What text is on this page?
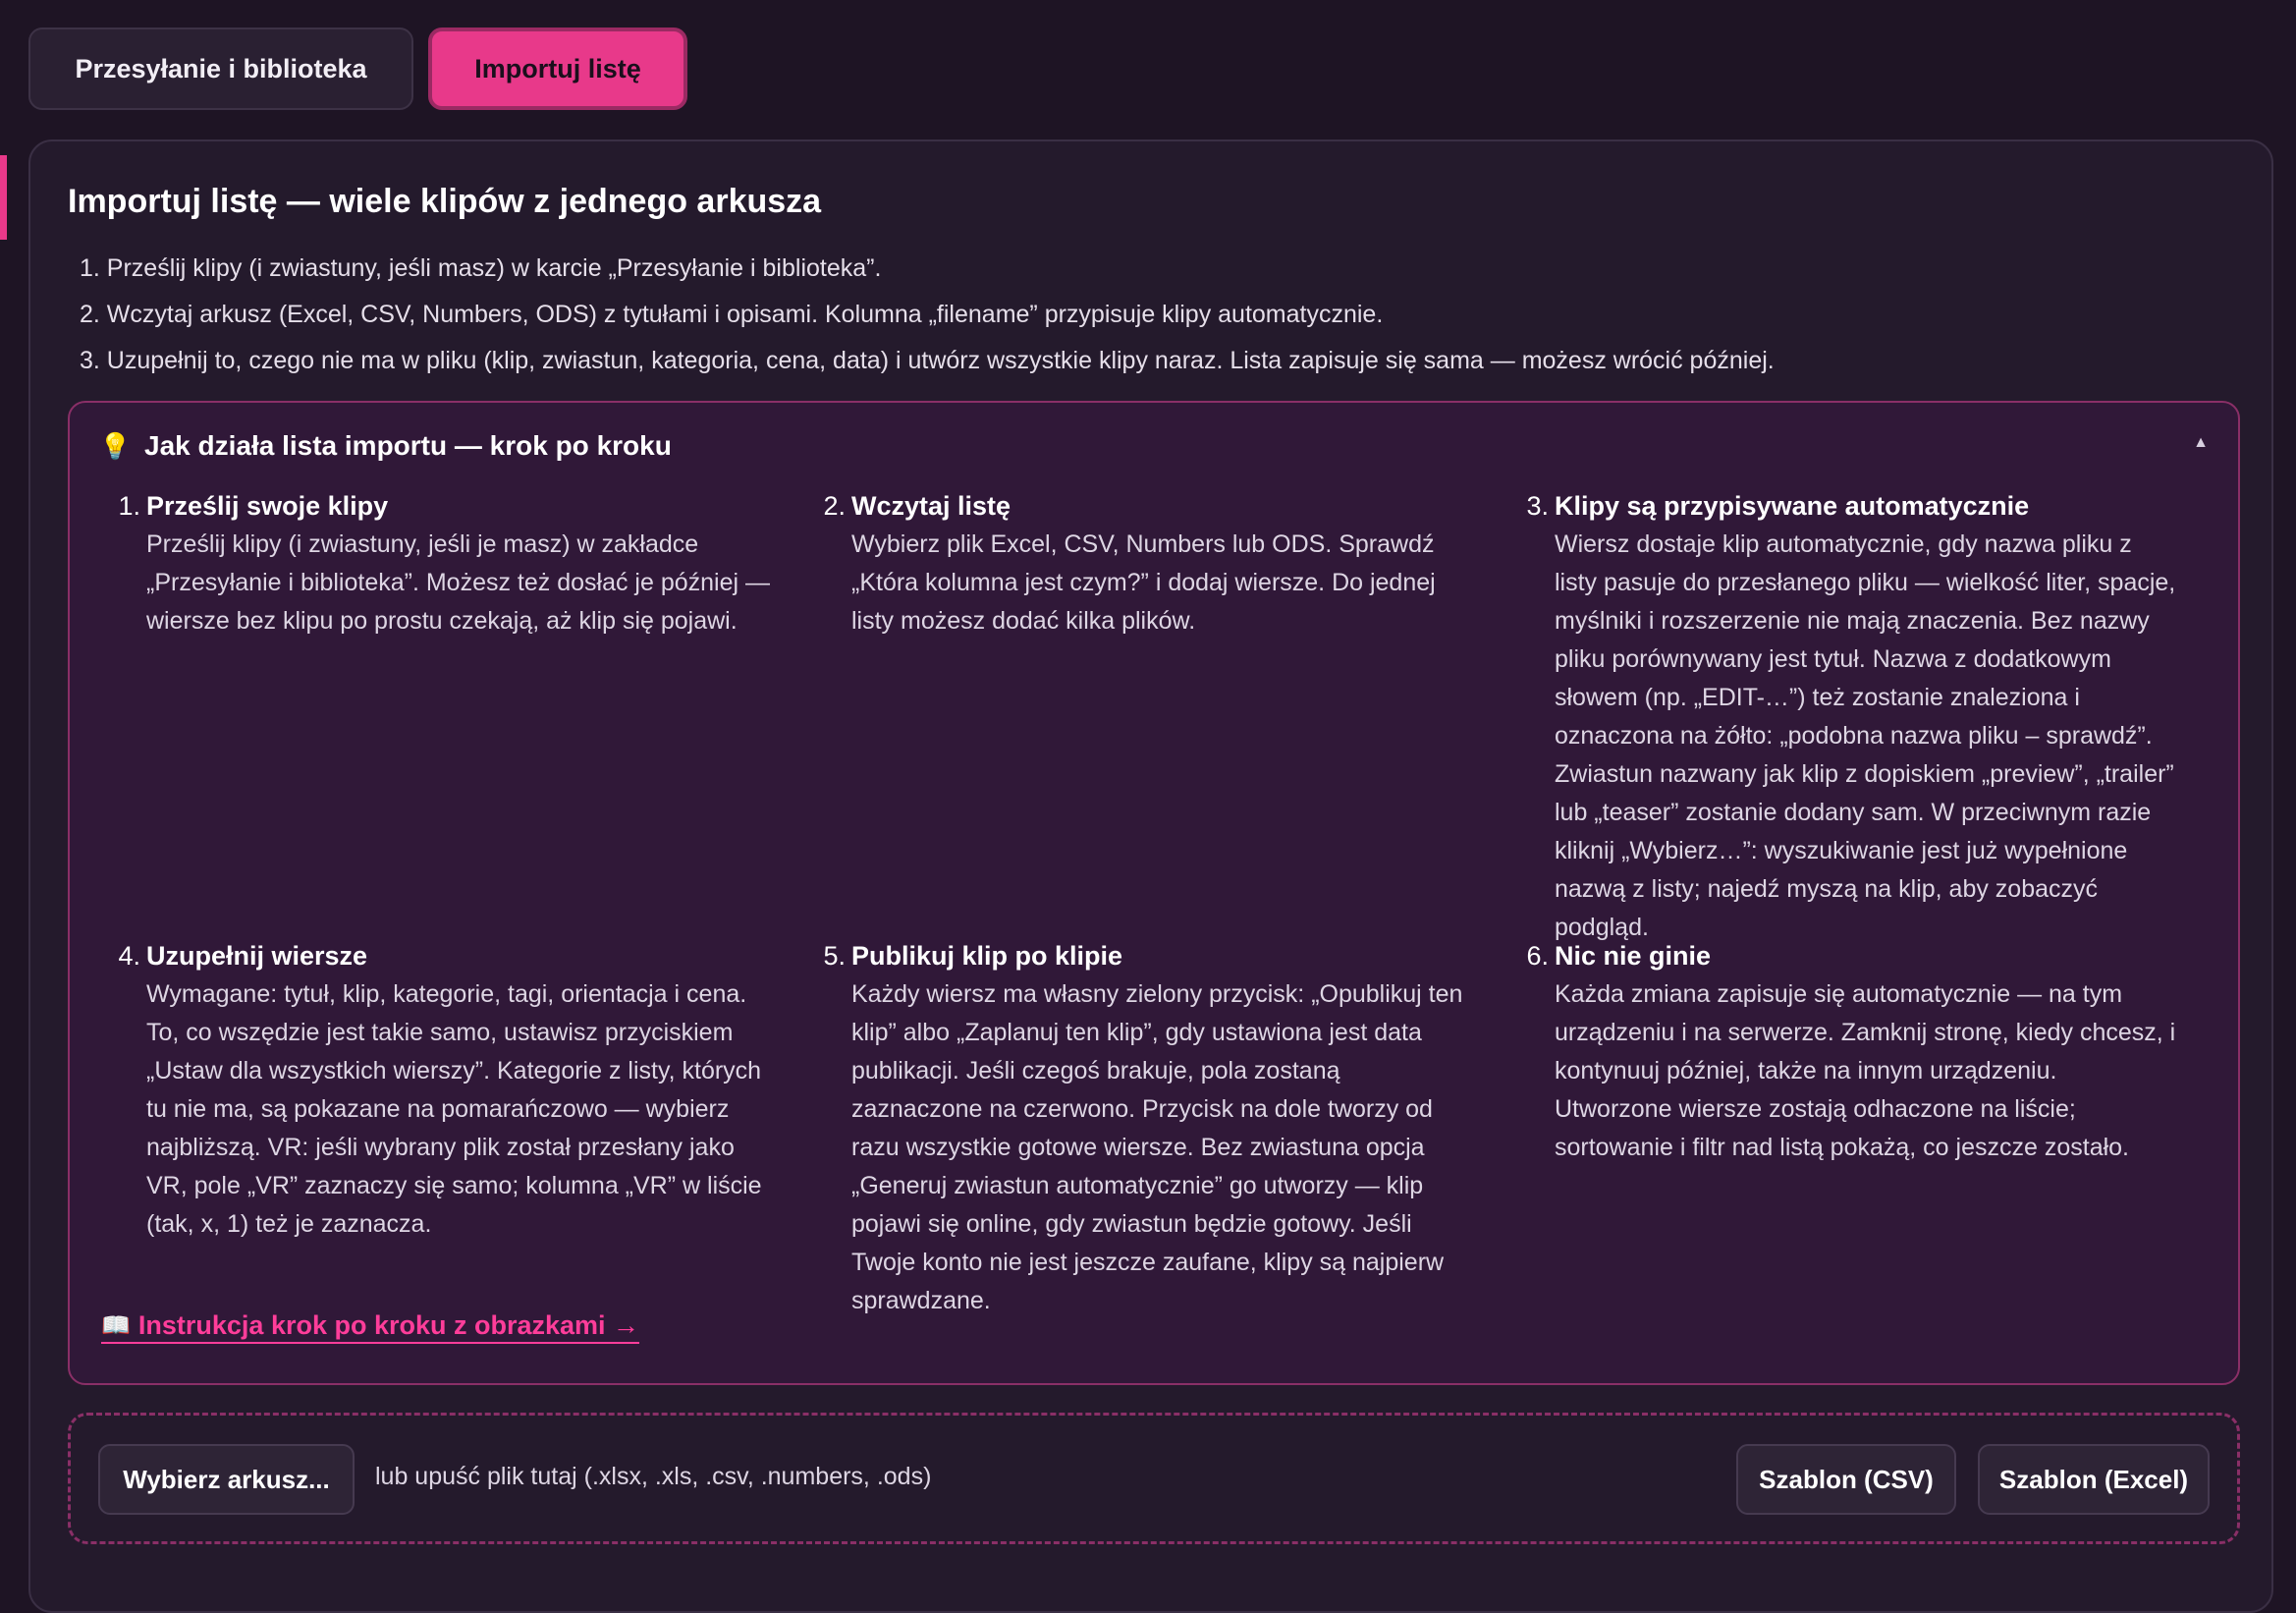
Przesyłanie i biblioteka	Importuj listę
Importuj listę — wiele klipów z jednego arkusza
1. Prześlij klipy (i zwiastuny, jeśli masz) w karcie „Przesyłanie i biblioteka”.
2. Wczytaj arkusz (Excel, CSV, Numbers, ODS) z tytułami i opisami. Kolumna „filename” przypisuje klipy automatycznie.
3. Uzupełnij to, czego nie ma w pliku (klip, zwiastun, kategoria, cena, data) i utwórz wszystkie klipy naraz. Lista zapisuje się sama — możesz wrócić później.
💡 Jak działa lista importu — krok po kroku	▲
1. Prześlij swoje klipy
Prześlij klipy (i zwiastuny, jeśli je masz) w zakładce „Przesyłanie i biblioteka”. Możesz też dosłać je później — wiersze bez klipu po prostu czekają, aż klip się pojawi.
2. Wczytaj listę
Wybierz plik Excel, CSV, Numbers lub ODS. Sprawdź „Która kolumna jest czym?” i dodaj wiersze. Do jednej listy możesz dodać kilka plików.
3. Klipy są przypisywane automatycznie
Wiersz dostaje klip automatycznie, gdy nazwa pliku z listy pasuje do przesłanego pliku — wielkość liter, spacje, myślniki i rozszerzenie nie mają znaczenia. Bez nazwy pliku porównywany jest tytuł. Nazwa z dodatkowym słowem (np. „EDIT-…”) też zostanie znaleziona i oznaczona na żółto: „podobna nazwa pliku – sprawdź”. Zwiastun nazwany jak klip z dopiskiem „preview”, „trailer” lub „teaser” zostanie dodany sam. W przeciwnym razie kliknij „Wybierz…”: wyszukiwanie jest już wypełnione nazwą z listy; najedź myszą na klip, aby zobaczyć podgląd.
4. Uzupełnij wiersze
Wymagane: tytuł, klip, kategorie, tagi, orientacja i cena. To, co wszędzie jest takie samo, ustawisz przyciskiem „Ustaw dla wszystkich wierszy”. Kategorie z listy, których tu nie ma, są pokazane na pomarańczowo — wybierz najbliższą. VR: jeśli wybrany plik został przesłany jako VR, pole „VR” zaznaczy się samo; kolumna „VR” w liście (tak, x, 1) też je zaznacza.
5. Publikuj klip po klipie
Każdy wiersz ma własny zielony przycisk: „Opublikuj ten klip” albo „Zaplanuj ten klip”, gdy ustawiona jest data publikacji. Jeśli czegoś brakuje, pola zostaną zaznaczone na czerwono. Przycisk na dole tworzy od razu wszystkie gotowe wiersze. Bez zwiastuna opcja „Generuj zwiastun automatycznie” go utworzy — klip pojawi się online, gdy zwiastun będzie gotowy. Jeśli Twoje konto nie jest jeszcze zaufane, klipy są najpierw sprawdzane.
6. Nic nie ginie
Każda zmiana zapisuje się automatycznie — na tym urządzeniu i na serwerze. Zamknij stronę, kiedy chcesz, i kontynuuj później, także na innym urządzeniu. Utworzone wiersze zostają odhaczone na liście; sortowanie i filtr nad listą pokażą, co jeszcze zostało.
📖 Instrukcja krok po kroku z obrazkami →
Wybierz arkusz...	lub upuść plik tutaj (.xlsx, .xls, .csv, .numbers, .ods)	Szablon (CSV)	Szablon (Excel)
